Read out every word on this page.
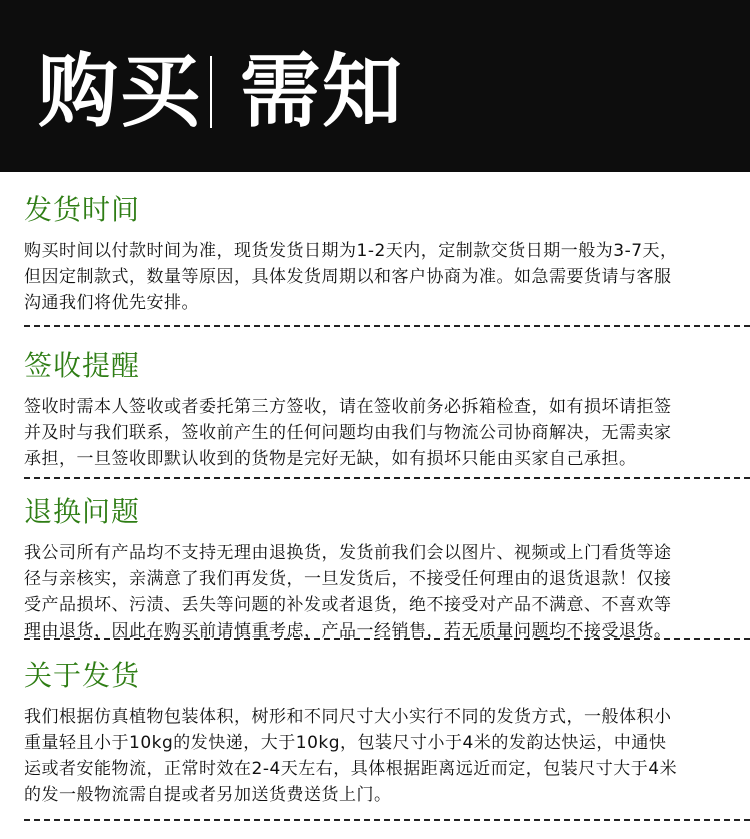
购买 需知
发货时间
购买时间以付款时间为准，现货发货日期为1-2天内，定制款交货日期一般为3-7天，
但因定制款式，数量等原因，具体发货周期以和客户协商为准。如急需要货请与客服
沟通我们将优先安排。
签收提醒
签收时需本人签收或者委托第三方签收，请在签收前务必拆箱检查，如有损坏请拒签
并及时与我们联系，签收前产生的任何问题均由我们与物流公司协商解决，无需卖家
承担，一旦签收即默认收到的货物是完好无缺，如有损坏只能由买家自己承担。
退换问题
我公司所有产品均不支持无理由退换货，发货前我们会以图片、视频或上门看货等途
径与亲核实，亲满意了我们再发货，一旦发货后，不接受任何理由的退货退款！仅接
受产品损坏、污渍、丢失等问题的补发或者退货，绝不接受对产品不满意、不喜欢等
理由退货，因此在购买前请慎重考虑，产品一经销售，若无质量问题均不接受退货。
关于发货
我们根据仿真植物包装体积，树形和不同尺寸大小实行不同的发货方式，一般体积小
重量轻且小于10kg的发快递，大于10kg，包装尺寸小于4米的发韵达快运，中通快
运或者安能物流，正常时效在2-4天左右，具体根据距离远近而定，包装尺寸大于4米
的发一般物流需自提或者另加送货费送货上门。
